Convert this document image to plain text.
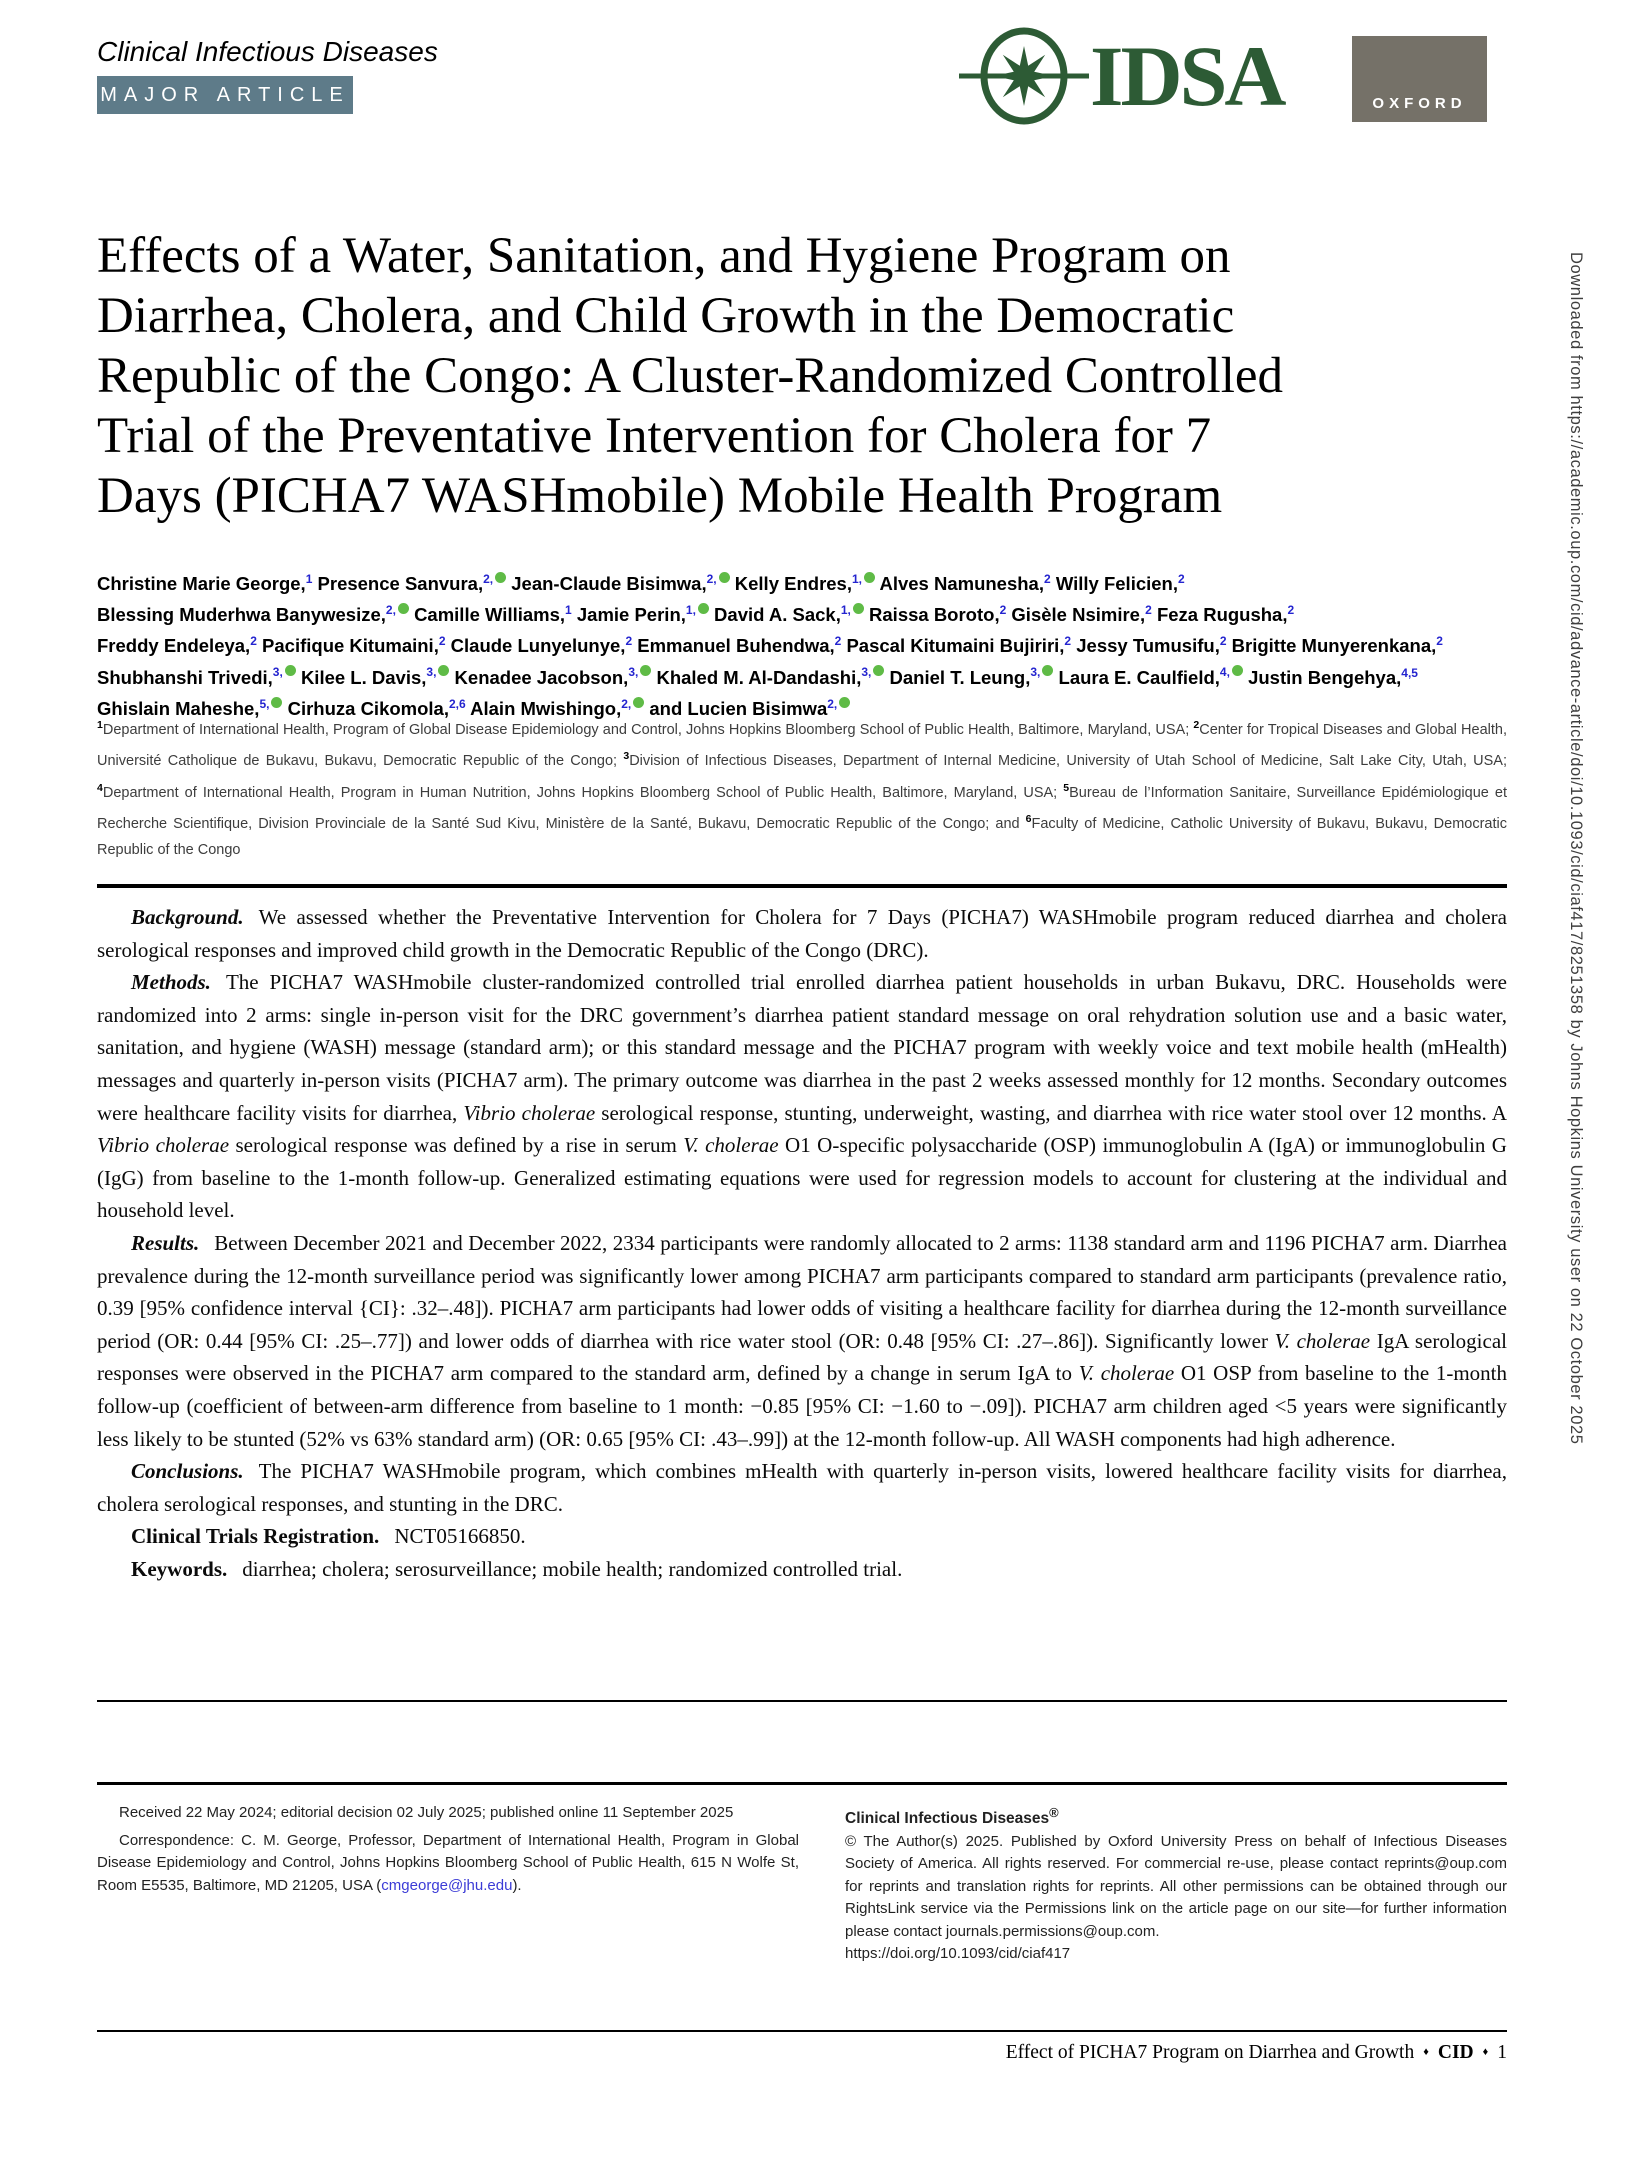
Clinical Infectious Diseases
MAJOR ARTICLE	IDSA	OXFORD
Effects of a Water, Sanitation, and Hygiene Program on
Diarrhea, Cholera, and Child Growth in the Democratic
Republic of the Congo: A Cluster-Randomized Controlled
Trial of the Preventative Intervention for Cholera for 7
Days (PICHA7 WASHmobile) Mobile Health Program
Christine Marie George,$^1$ Presence Sanvura,$^{2,}$ Jean-Claude Bisimwa,$^{2,}$ Kelly Endres,$^{1,}$ Alves Namunesha,$^2$ Willy Felicien,$^2$
Blessing Muderhwa Banywesize,$^{2,}$ Camille Williams,$^1$ Jamie Perin,$^{1,}$ David A. Sack,$^{1,}$ Raissa Boroto,$^2$ Gisèle Nsimire,$^2$ Feza Rugusha,$^2$
Freddy Endeleya,$^2$ Pacifique Kitumaini,$^2$ Claude Lunyelunye,$^2$ Emmanuel Buhendwa,$^2$ Pascal Kitumaini Bujiriri,$^2$ Jessy Tumusifu,$^2$ Brigitte Munyerenkana,$^2$
Shubhanshi Trivedi,$^{3,}$ Kilee L. Davis,$^{3,}$ Kenadee Jacobson,$^{3,}$ Khaled M. Al-Dandashi,$^{3,}$ Daniel T. Leung,$^{3,}$ Laura E. Caulfield,$^{4,}$ Justin Bengehya,$^{4,5}$
Ghislain Maheshe,$^{5,}$ Cirhuza Cikomola,$^{2,6}$ Alain Mwishingo,$^{2,}$ and Lucien Bisimwa$^{2,}$
$^1$Department of International Health, Program of Global Disease Epidemiology and Control, Johns Hopkins Bloomberg School of Public Health, Baltimore, Maryland, USA; $^2$Center for Tropical Diseases and Global Health, Université Catholique de Bukavu, Bukavu, Democratic Republic of the Congo; $^3$Division of Infectious Diseases, Department of Internal Medicine, University of Utah School of Medicine, Salt Lake City, Utah, USA; $^4$Department of International Health, Program in Human Nutrition, Johns Hopkins Bloomberg School of Public Health, Baltimore, Maryland, USA; $^5$Bureau de l’Information Sanitaire, Surveillance Epidémiologique et Recherche Scientifique, Division Provinciale de la Santé Sud Kivu, Ministère de la Santé, Bukavu, Democratic Republic of the Congo; and $^6$Faculty of Medicine, Catholic University of Bukavu, Bukavu, Democratic Republic of the Congo

Background. We assessed whether the Preventative Intervention for Cholera for 7 Days (PICHA7) WASHmobile program reduced diarrhea and cholera serological responses and improved child growth in the Democratic Republic of the Congo (DRC).

Methods. The PICHA7 WASHmobile cluster-randomized controlled trial enrolled diarrhea patient households in urban Bukavu, DRC. Households were randomized into 2 arms: single in-person visit for the DRC government’s diarrhea patient standard message on oral rehydration solution use and a basic water, sanitation, and hygiene (WASH) message (standard arm); or this standard message and the PICHA7 program with weekly voice and text mobile health (mHealth) messages and quarterly in-person visits (PICHA7 arm). The primary outcome was diarrhea in the past 2 weeks assessed monthly for 12 months. Secondary outcomes were healthcare facility visits for diarrhea, Vibrio cholerae serological response, stunting, underweight, wasting, and diarrhea with rice water stool over 12 months. A Vibrio cholerae serological response was defined by a rise in serum V. cholerae O1 O-specific polysaccharide (OSP) immunoglobulin A (IgA) or immunoglobulin G (IgG) from baseline to the 1-month follow-up. Generalized estimating equations were used for regression models to account for clustering at the individual and household level.

Results. Between December 2021 and December 2022, 2334 participants were randomly allocated to 2 arms: 1138 standard arm and 1196 PICHA7 arm. Diarrhea prevalence during the 12-month surveillance period was significantly lower among PICHA7 arm participants compared to standard arm participants (prevalence ratio, 0.39 [95% confidence interval {CI}: .32–.48]). PICHA7 arm participants had lower odds of visiting a healthcare facility for diarrhea during the 12-month surveillance period (OR: 0.44 [95% CI: .25–.77]) and lower odds of diarrhea with rice water stool (OR: 0.48 [95% CI: .27–.86]). Significantly lower V. cholerae IgA serological responses were observed in the PICHA7 arm compared to the standard arm, defined by a change in serum IgA to V. cholerae O1 OSP from baseline to the 1-month follow-up (coefficient of between-arm difference from baseline to 1 month: −0.85 [95% CI: −1.60 to −.09]). PICHA7 arm children aged <5 years were significantly less likely to be stunted (52% vs 63% standard arm) (OR: 0.65 [95% CI: .43–.99]) at the 12-month follow-up. All WASH components had high adherence.

Conclusions. The PICHA7 WASHmobile program, which combines mHealth with quarterly in-person visits, lowered healthcare facility visits for diarrhea, cholera serological responses, and stunting in the DRC.

Clinical Trials Registration. NCT05166850.

Keywords. diarrhea; cholera; serosurveillance; mobile health; randomized controlled trial.

Received 22 May 2024; editorial decision 02 July 2025; published online 11 September 2025

Correspondence: C. M. George, Professor, Department of International Health, Program in Global Disease Epidemiology and Control, Johns Hopkins Bloomberg School of Public Health, 615 N Wolfe St, Room E5535, Baltimore, MD 21205, USA (cmgeorge@jhu.edu).

Clinical Infectious Diseases®

© The Author(s) 2025. Published by Oxford University Press on behalf of Infectious Diseases Society of America. All rights reserved. For commercial re-use, please contact reprints@oup.com for reprints and translation rights for reprints. All other permissions can be obtained through our RightsLink service via the Permissions link on the article page on our site—for further information please contact journals.permissions@oup.com.

https://doi.org/10.1093/cid/ciaf417

Effect of PICHA7 Program on Diarrhea and Growth ♦ CID ♦ 1
Downloaded from https://academic.oup.com/cid/advance-article/doi/10.1093/cid/ciaf417/8251358 by Johns Hopkins University user on 22 October 2025
